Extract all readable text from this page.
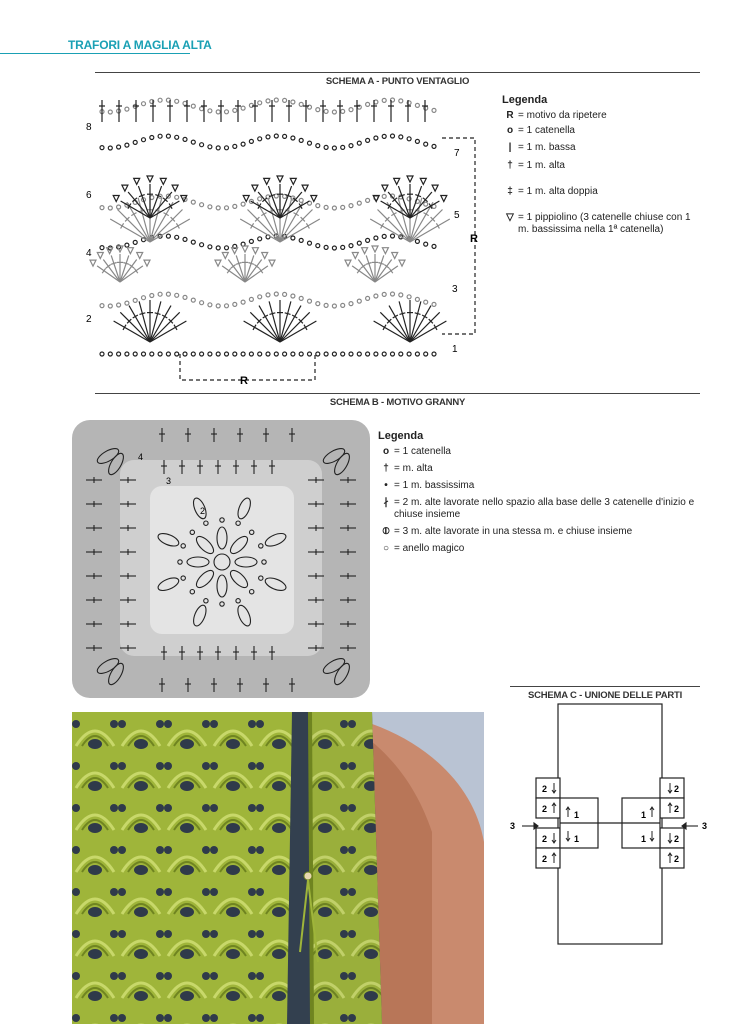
TRAFORI A MAGLIA ALTA
SCHEMA A - PUNTO VENTAGLIO
1
2
3
4
5
6
7
8
R
R
Legenda
R = motivo da ripetere
o = 1 catenella
| = 1 m. bassa
† = 1 m. alta
‡ = 1 m. alta doppia
▽ = 1 pippiolino (3 catenelle chiuse con 1 m. bassissima nella 1ª catenella)
SCHEMA B - MOTIVO GRANNY
4
3
2
Legenda
o = 1 catenella
† = m. alta
• = 1 m. bassissima
∤ = 2 m. alte lavorate nello spazio alla base delle 3 catenelle d'inizio e chiuse insieme
⦶ = 3 m. alte lavorate in una stessa m. e chiuse insieme
○ = anello magico
SCHEMA C - UNIONE DELLE PARTI
2
2
2
2
2
2
2
2
1
1
1
1
3	3
